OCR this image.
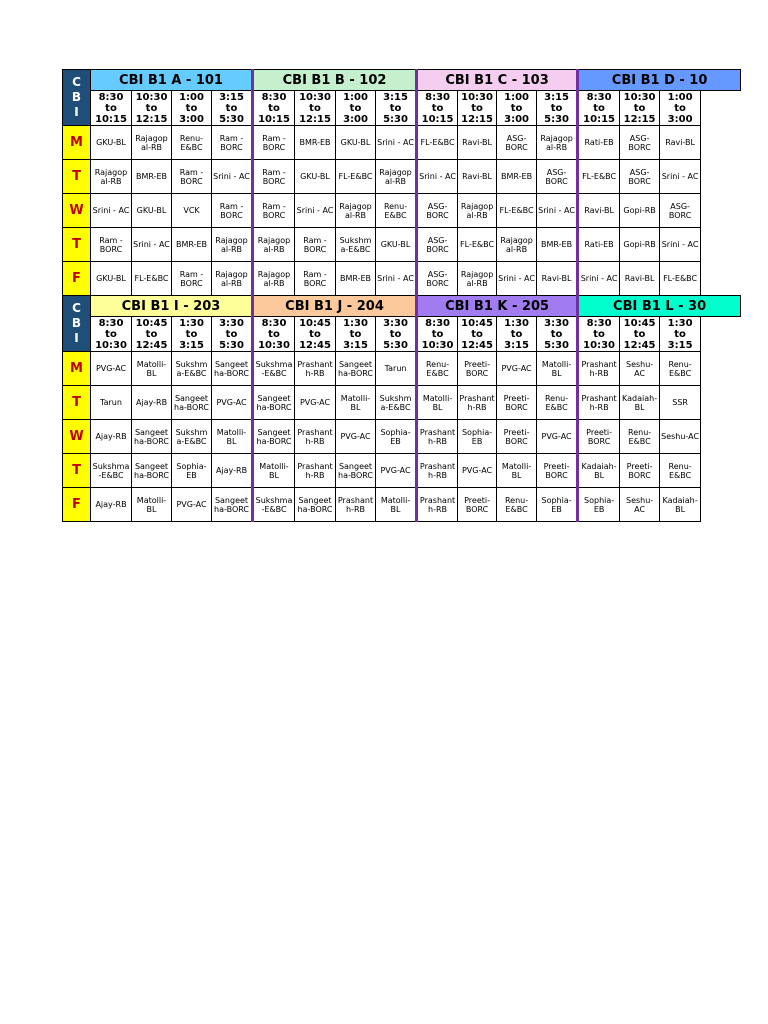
C
B
I	CBI B1 A - 101				CBI B1 B - 102				CBI B1 C - 103				CBI B1 D - 10		
	8:30 to 10:15	10:30 to 12:15	1:00 to 3:00	3:15 to 5:30	8:30 to 10:15	10:30 to 12:15	1:00 to 3:00	3:15 to 5:30	8:30 to 10:15	10:30 to 12:15	1:00 to 3:00	3:15 to 5:30	8:30 to 10:15	10:30 to 12:15	1:00 to 3:00
M	GKU-BL	Rajagop al-RB	Renu-E&BC	Ram - BORC	Ram - BORC	BMR-EB	GKU-BL	Srini - AC	FL-E&BC	Ravi-BL	ASG-BORC	Rajagop al-RB	Rati-EB	ASG-BORC	Ravi-BL
T	Rajagop al-RB	BMR-EB	Ram - BORC	Srini - AC	Ram - BORC	GKU-BL	FL-E&BC	Rajagop al-RB	Srini - AC	Ravi-BL	BMR-EB	ASG-BORC	FL-E&BC	ASG-BORC	Srini - AC
W	Srini - AC	GKU-BL	VCK	Ram - BORC	Ram - BORC	Srini - AC	Rajagop al-RB	Renu-E&BC	ASG-BORC	Rajagop al-RB	FL-E&BC	Srini - AC	Ravi-BL	Gopi-RB	ASG-BORC
T	Ram - BORC	Srini - AC	BMR-EB	Rajagop al-RB	Rajagop al-RB	Ram - BORC	Sukshm a-E&BC	GKU-BL	ASG-BORC	FL-E&BC	Rajagop al-RB	BMR-EB	Rati-EB	Gopi-RB	Srini - AC
F	GKU-BL	FL-E&BC	Ram - BORC	Rajagop al-RB	Rajagop al-RB	Ram - BORC	BMR-EB	Srini - AC	ASG-BORC	Rajagop al-RB	Srini - AC	Ravi-BL	Srini - AC	Ravi-BL	FL-E&BC

C
B
I	CBI B1 I - 203				CBI B1 J - 204				CBI B1 K - 205				CBI B1 L - 30		
	8:30 to 10:30	10:45 to 12:45	1:30 to 3:15	3:30 to 5:30	8:30 to 10:30	10:45 to 12:45	1:30 to 3:15	3:30 to 5:30	8:30 to 10:30	10:45 to 12:45	1:30 to 3:15	3:30 to 5:30	8:30 to 10:30	10:45 to 12:45	1:30 to 3:15
M	PVG-AC	Matolli-BL	Sukshm a-E&BC	Sangeet ha-BORC	Sukshma -E&BC	Prashant h-RB	Sangeet ha-BORC	Tarun	Renu-E&BC	Preeti-BORC	PVG-AC	Matolli-BL	Prashant h-RB	Seshu-AC	Renu-E&BC
T	Tarun	Ajay-RB	Sangeet ha-BORC	PVG-AC	Sangeet ha-BORC	PVG-AC	Matolli-BL	Sukshm a-E&BC	Matolli-BL	Prashant h-RB	Preeti-BORC	Renu-E&BC	Prashant h-RB	Kadaiah-BL	SSR
W	Ajay-RB	Sangeet ha-BORC	Sukshm a-E&BC	Matolli-BL	Sangeet ha-BORC	Prashant h-RB	PVG-AC	Sophia-EB	Prashant h-RB	Sophia-EB	Preeti-BORC	PVG-AC	Preeti-BORC	Renu-E&BC	Seshu-AC
T	Sukshma -E&BC	Sangeet ha-BORC	Sophia-EB	Ajay-RB	Matolli-BL	Prashant h-RB	Sangeet ha-BORC	PVG-AC	Prashant h-RB	PVG-AC	Matolli-BL	Preeti-BORC	Kadaiah-BL	Preeti-BORC	Renu-E&BC
F	Ajay-RB	Matolli-BL	PVG-AC	Sangeet ha-BORC	Sukshma -E&BC	Sangeet ha-BORC	Prashant h-RB	Matolli-BL	Prashant h-RB	Preeti-BORC	Renu-E&BC	Sophia-EB	Sophia-EB	Seshu-AC	Kadaiah-BL
